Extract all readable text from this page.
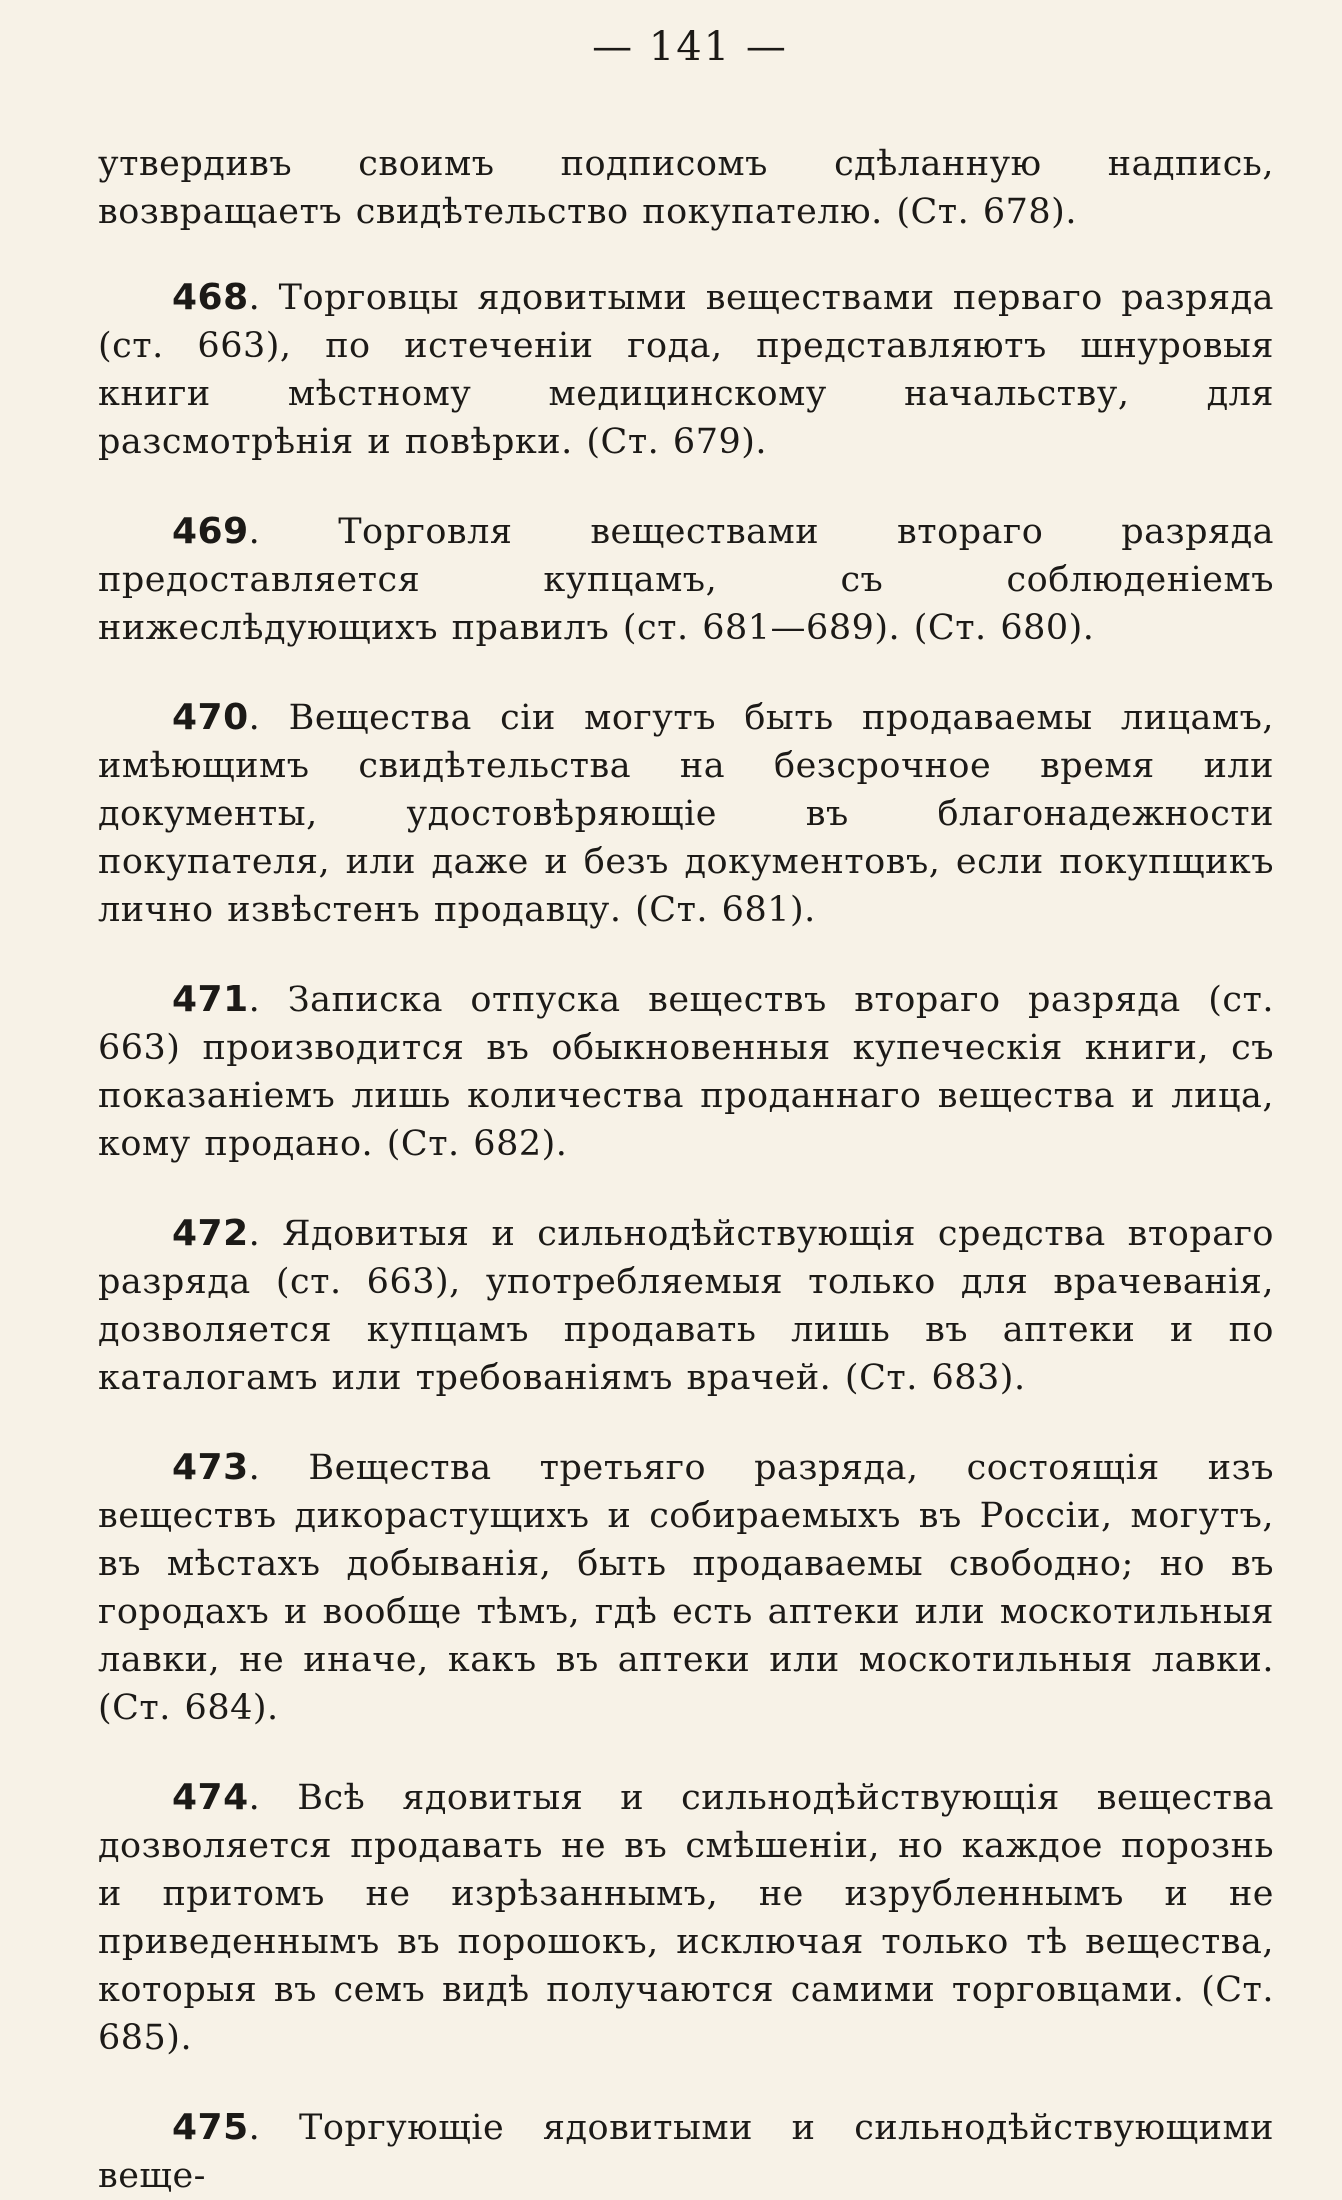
— 141 —

утвердивъ своимъ подписомъ сдѣланную надпись, возвращаетъ свидѣтельство покупателю. (Ст. 678).

468. Торговцы ядовитыми веществами перваго разряда (ст. 663), по истеченіи года, представляютъ шнуровыя книги мѣстному медицинскому начальству, для разсмотрѣнія и повѣрки. (Ст. 679).

469. Торговля веществами втораго разряда предоставляется купцамъ, съ соблюденіемъ нижеслѣдующихъ правилъ (ст. 681—689). (Ст. 680).

470. Вещества сіи могутъ быть продаваемы лицамъ, имѣющимъ свидѣтельства на безсрочное время или документы, удостовѣряющіе въ благонадежности покупателя, или даже и безъ документовъ, если покупщикъ лично извѣстенъ продавцу. (Ст. 681).

471. Записка отпуска веществъ втораго разряда (ст. 663) производится въ обыкновенныя купеческія книги, съ показаніемъ лишь количества проданнаго вещества и лица, кому продано. (Ст. 682).

472. Ядовитыя и сильнодѣйствующія средства втораго разряда (ст. 663), употребляемыя только для врачеванія, дозволяется купцамъ продавать лишь въ аптеки и по каталогамъ или требованіямъ врачей. (Ст. 683).

473. Вещества третьяго разряда, состоящія изъ веществъ дикорастущихъ и собираемыхъ въ Россіи, могутъ, въ мѣстахъ добыванія, быть продаваемы свободно; но въ городахъ и вообще тѣмъ, гдѣ есть аптеки или москотильныя лавки, не иначе, какъ въ аптеки или москотильныя лавки. (Ст. 684).

474. Всѣ ядовитыя и сильнодѣйствующія вещества дозволяется продавать не въ смѣшеніи, но каждое порознь и притомъ не изрѣзаннымъ, не изрубленнымъ и не приведеннымъ въ порошокъ, исключая только тѣ вещества, которыя въ семъ видѣ получаются самими торговцами. (Ст. 685).

475. Торгующіе ядовитыми и сильнодѣйствующими веще-
